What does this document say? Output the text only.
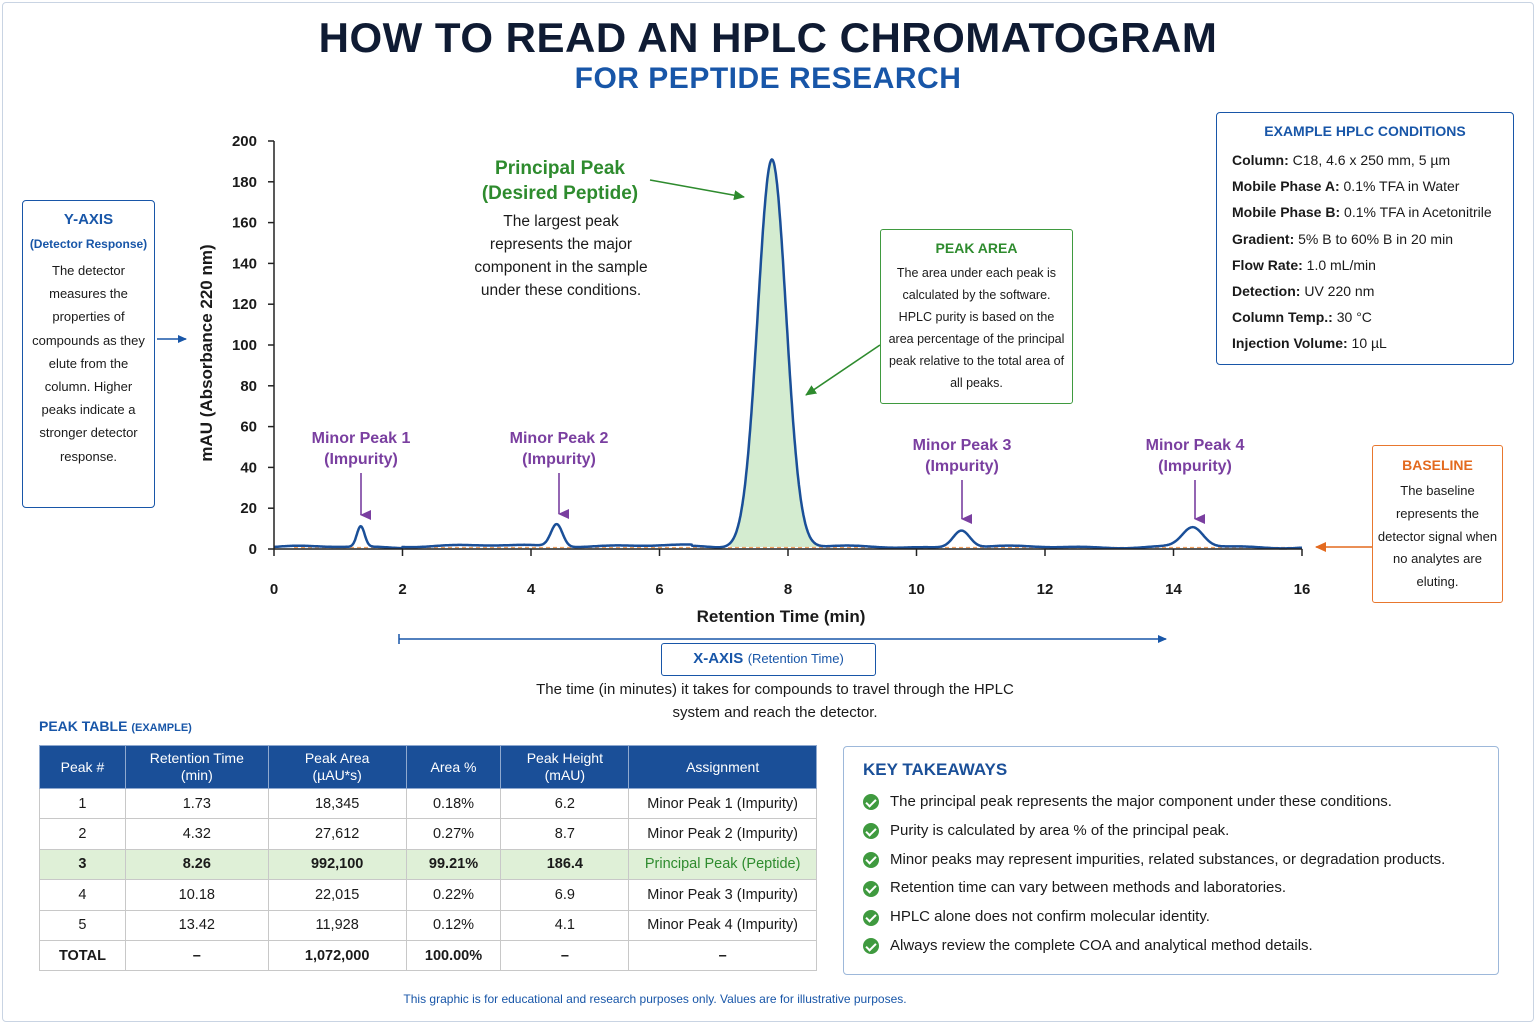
HOW TO READ AN HPLC CHROMATOGRAM
FOR PEPTIDE RESEARCH
Y-AXIS
(Detector Response)
The detector measures the properties of compounds as they elute from the column. Higher peaks indicate a stronger detector response.
0	2	4	6	8	10	12	14	16
0
20
40
60
80
100
120
140
160
180
200
Retention Time (min)
mAU (Absorbance 220 nm)
Principal Peak
(Desired Peptide)
The largest peak represents the major component in the sample under these conditions.
Minor Peak 1
(Impurity)
Minor Peak 2
(Impurity)
Minor Peak 3
(Impurity)
Minor Peak 4
(Impurity)
PEAK AREA
The area under each peak is calculated by the software. HPLC purity is based on the area percentage of the principal peak relative to the total area of all peaks.
EXAMPLE HPLC CONDITIONS
Column: C18, 4.6 x 250 mm, 5 µm
Mobile Phase A: 0.1% TFA in Water
Mobile Phase B: 0.1% TFA in Acetonitrile
Gradient: 5% B to 60% B in 20 min
Flow Rate: 1.0 mL/min
Detection: UV 220 nm
Column Temp.: 30 °C
Injection Volume: 10 µL
BASELINE
The baseline represents the detector signal when no analytes are eluting.
X-AXIS (Retention Time)
The time (in minutes) it takes for compounds to travel through the HPLC system and reach the detector.
PEAK TABLE (EXAMPLE)
Peak #	Retention Time (min)	Peak Area (µAU*s)	Area %	Peak Height (mAU)	Assignment
1	1.73	18,345	0.18%	6.2	Minor Peak 1 (Impurity)
2	4.32	27,612	0.27%	8.7	Minor Peak 2 (Impurity)
3	8.26	992,100	99.21%	186.4	Principal Peak (Peptide)
4	10.18	22,015	0.22%	6.9	Minor Peak 3 (Impurity)
5	13.42	11,928	0.12%	4.1	Minor Peak 4 (Impurity)
TOTAL	–	1,072,000	100.00%	–	–
KEY TAKEAWAYS
The principal peak represents the major component under these conditions.
Purity is calculated by area % of the principal peak.
Minor peaks may represent impurities, related substances, or degradation products.
Retention time can vary between methods and laboratories.
HPLC alone does not confirm molecular identity.
Always review the complete COA and analytical method details.
This graphic is for educational and research purposes only. Values are for illustrative purposes.
